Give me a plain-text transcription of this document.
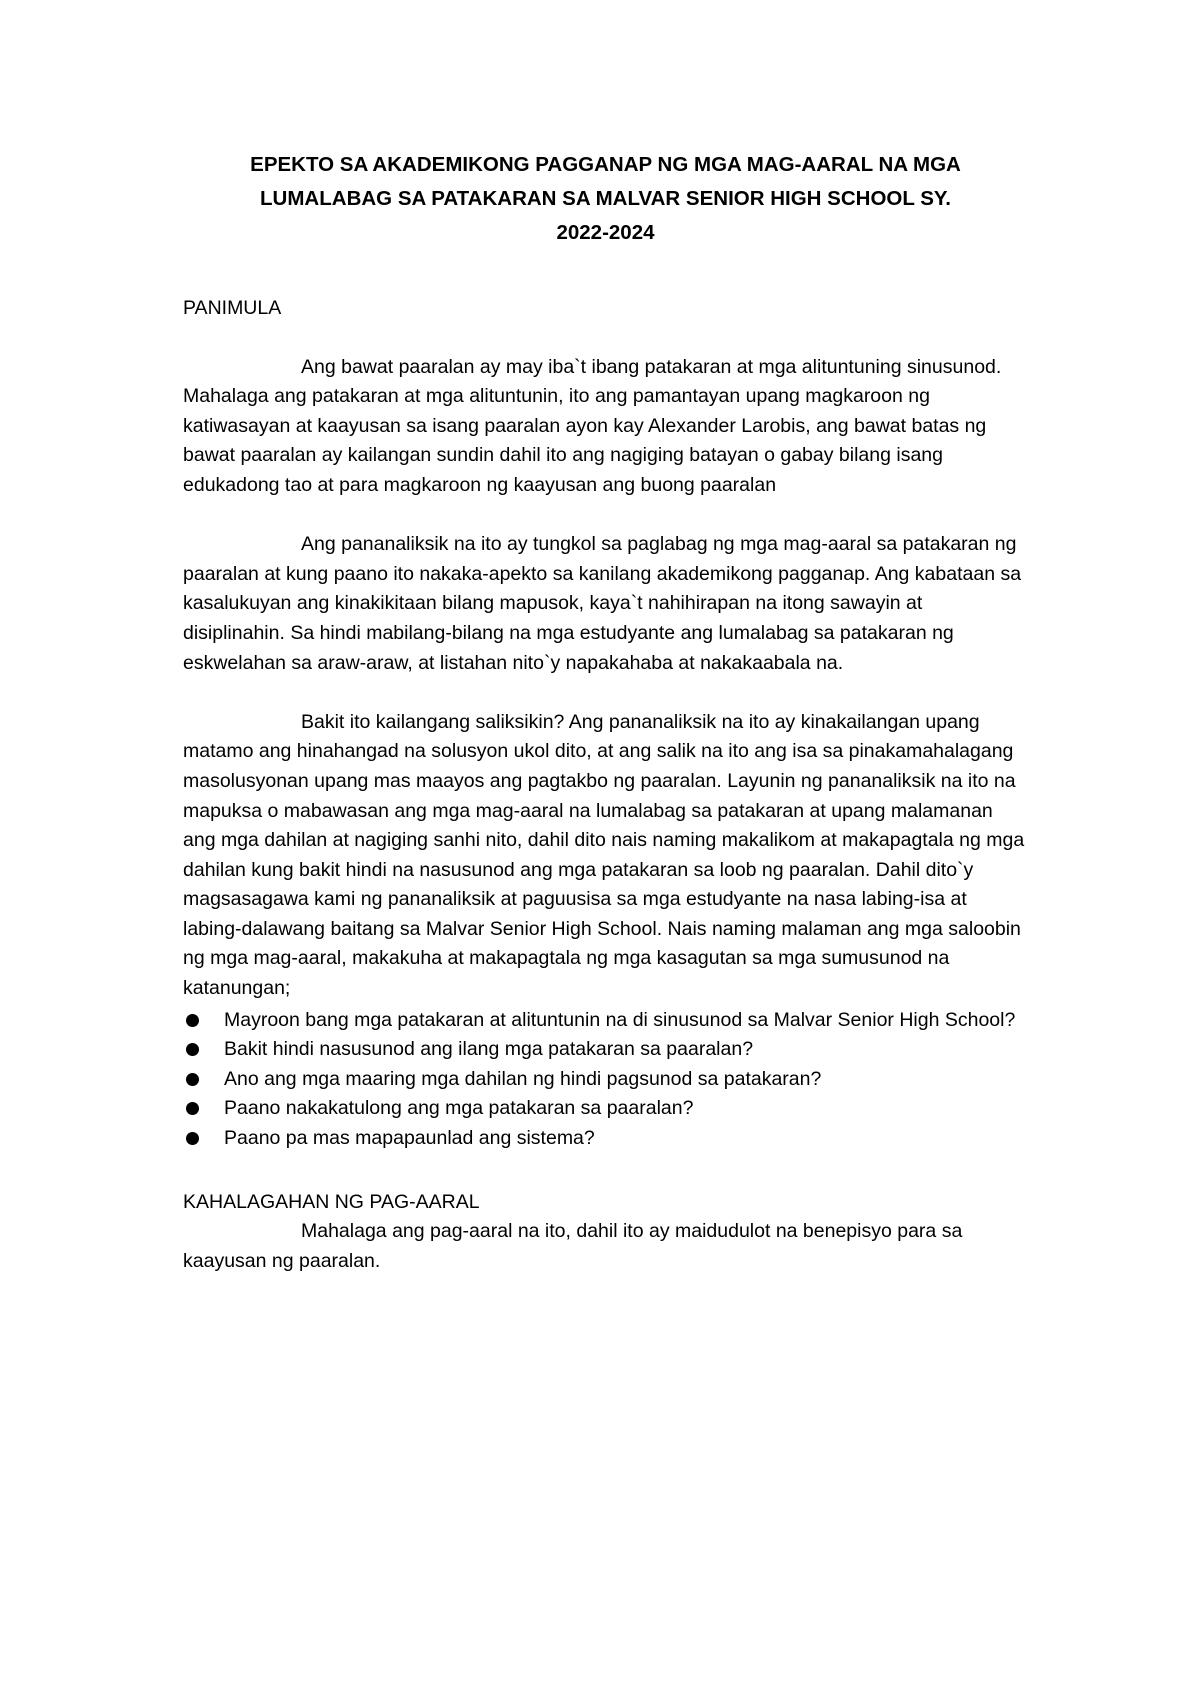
EPEKTO SA AKADEMIKONG PAGGANAP NG MGA MAG-AARAL NA MGA
LUMALABAG SA PATAKARAN SA MALVAR SENIOR HIGH SCHOOL SY.
2022-2024
PANIMULA

Ang bawat paaralan ay may iba`t ibang patakaran at mga alituntuning sinusunod. Mahalaga ang patakaran at mga alituntunin, ito ang pamantayan upang magkaroon ng katiwasayan at kaayusan sa isang paaralan ayon kay Alexander Larobis, ang bawat batas ng bawat paaralan ay kailangan sundin dahil ito ang nagiging batayan o gabay bilang isang edukadong tao at para magkaroon ng kaayusan ang buong paaralan

Ang pananaliksik na ito ay tungkol sa paglabag ng mga mag-aaral sa patakaran ng paaralan at kung paano ito nakaka-apekto sa kanilang akademikong pagganap. Ang kabataan sa kasalukuyan ang kinakikitaan bilang mapusok, kaya`t nahihirapan na itong sawayin at disiplinahin. Sa hindi mabilang-bilang na mga estudyante ang lumalabag sa patakaran ng eskwelahan sa araw-araw, at listahan nito`y napakahaba at nakakaabala na.

Bakit ito kailangang saliksikin? Ang pananaliksik na ito ay kinakailangan upang matamo ang hinahangad na solusyon ukol dito, at ang salik na ito ang isa sa pinakamahalagang masolusyonan upang mas maayos ang pagtakbo ng paaralan. Layunin ng pananaliksik na ito na mapuksa o mabawasan ang mga mag-aaral na lumalabag sa patakaran at upang malamanan ang mga dahilan at nagiging sanhi nito, dahil dito nais naming makalikom at makapagtala ng mga dahilan kung bakit hindi na nasusunod ang mga patakaran sa loob ng paaralan. Dahil dito`y magsasagawa kami ng pananaliksik at paguusisa sa mga estudyante na nasa labing-isa at labing-dalawang baitang sa Malvar Senior High School. Nais naming malaman ang mga saloobin ng mga mag-aaral, makakuha at makapagtala ng mga kasagutan sa mga sumusunod na katanungan;

Mayroon bang mga patakaran at alituntunin na di sinusunod sa Malvar Senior High School?
Bakit hindi nasusunod ang ilang mga patakaran sa paaralan?
Ano ang mga maaring mga dahilan ng hindi pagsunod sa patakaran?
Paano nakakatulong ang mga patakaran sa paaralan?
Paano pa mas mapapaunlad ang sistema?
KAHALAGAHAN NG PAG-AARAL

Mahalaga ang pag-aaral na ito, dahil ito ay maidudulot na benepisyo para sa kaayusan ng paaralan.
